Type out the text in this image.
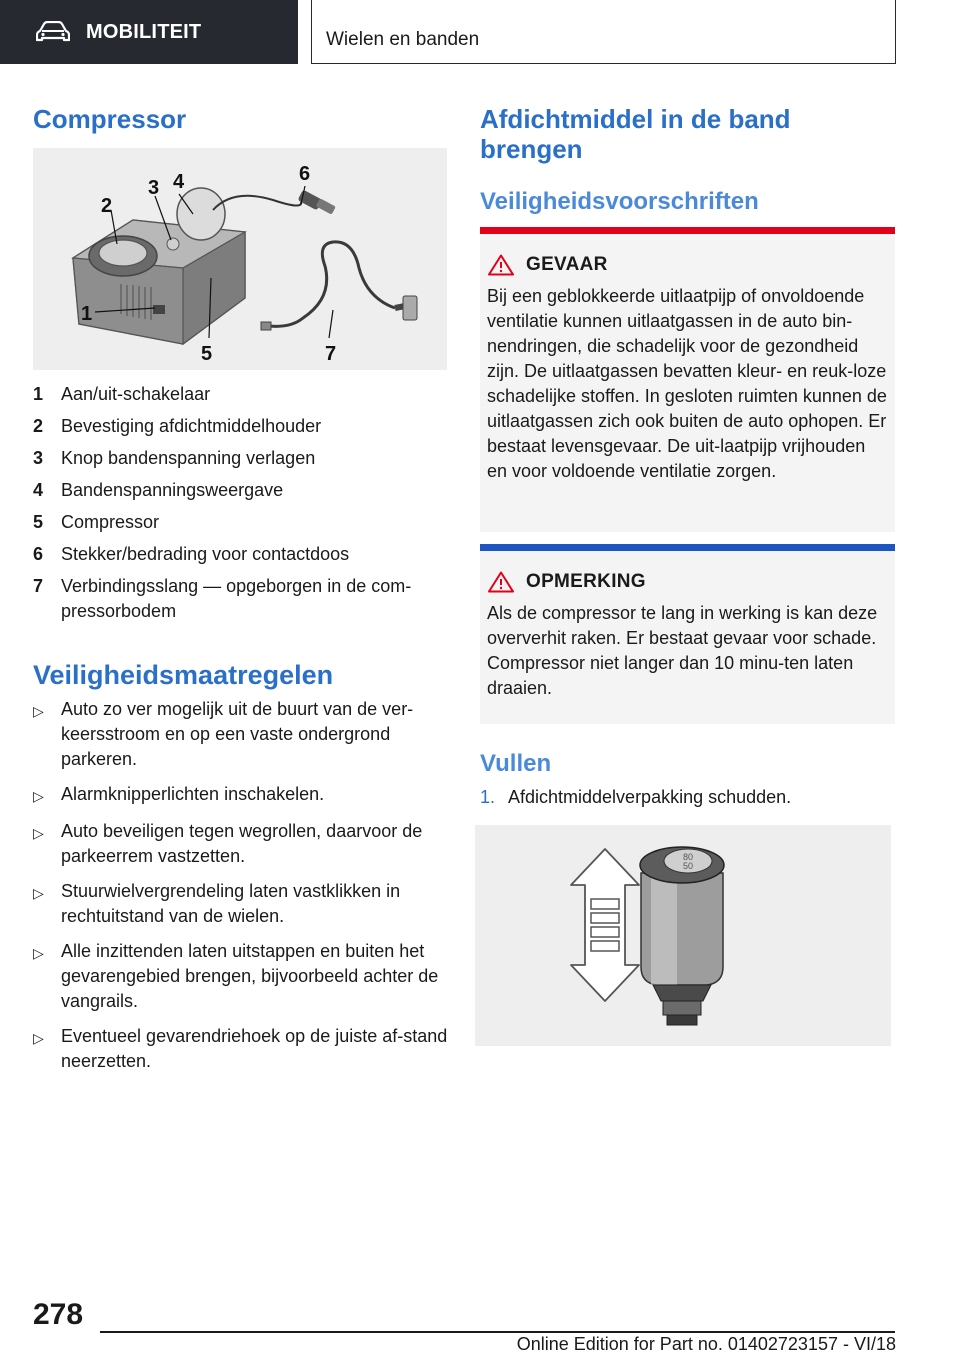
MOBILITEIT	Wielen en banden
Compressor
2
3 4	6
1
5	7
1 Aan/uit-schakelaar
2 Bevestiging afdichtmiddelhouder
3 Knop bandenspanning verlagen
4 Bandenspanningsweergave
5 Compressor
6 Stekker/bedrading voor contactdoos
7 Verbindingsslang — opgeborgen in de com-pressorbodem
Veiligheidsmaatregelen
▷ Auto zo ver mogelijk uit de buurt van de ver-keersstroom en op een vaste ondergrond parkeren.
▷ Alarmknipperlichten inschakelen.
▷ Auto beveiligen tegen wegrollen, daarvoor de parkeerrem vastzetten.
▷ Stuurwielvergrendeling laten vastklikken in rechtuitstand van de wielen.
▷ Alle inzittenden laten uitstappen en buiten het gevarengebied brengen, bijvoorbeeld achter de vangrails.
▷ Eventueel gevarendriehoek op de juiste af-stand neerzetten.
Afdichtmiddel in de band brengen
Veiligheidsvoorschriften
GEVAAR
Bij een geblokkeerde uitlaatpijp of onvoldoende ventilatie kunnen uitlaatgassen in de auto bin-nendringen, die schadelijk voor de gezondheid zijn. De uitlaatgassen bevatten kleur- en reuk-loze schadelijke stoffen. In gesloten ruimten kunnen de uitlaatgassen zich ook buiten de auto ophopen. Er bestaat levensgevaar. De uit-laatpijp vrijhouden en voor voldoende ventilatie zorgen.
OPMERKING
Als de compressor te lang in werking is kan deze oververhit raken. Er bestaat gevaar voor schade. Compressor niet langer dan 10 minu-ten laten draaien.
Vullen
1. Afdichtmiddelverpakking schudden.
80
50
278
Online Edition for Part no. 01402723157 - VI/18
